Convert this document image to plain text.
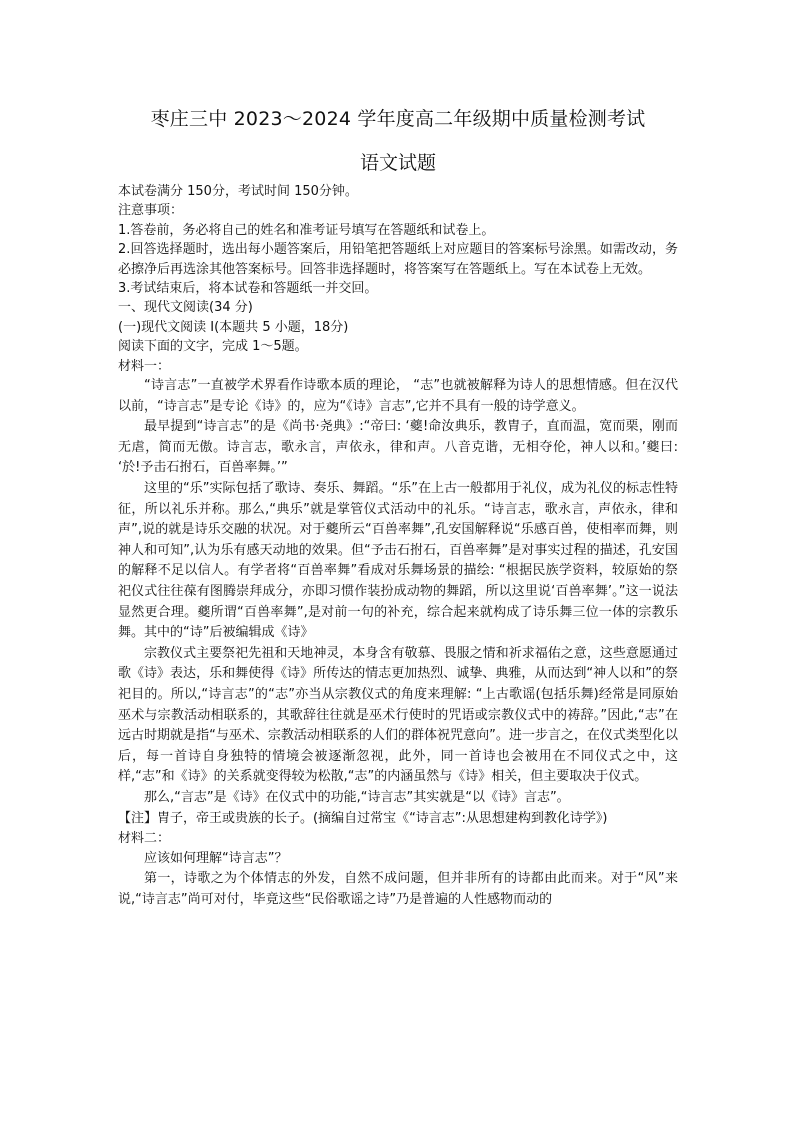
枣庄三中 2023～2024 学年度高二年级期中质量检测考试
语文试题

本试卷满分 150分，考试时间 150分钟。

注意事项：

1.答卷前，务必将自己的姓名和准考证号填写在答题纸和试卷上。

2.回答选择题时，选出每小题答案后，用铅笔把答题纸上对应题目的答案标号涂黑。如需改动，务必擦净后再选涂其他答案标号。回答非选择题时，将答案写在答题纸上。写在本试卷上无效。

3.考试结束后，将本试卷和答题纸一并交回。

一、现代文阅读(34 分)

(一)现代文阅读 I(本题共 5 小题，18分)

阅读下面的文字，完成 1～5题。

材料一：

“诗言志”一直被学术界看作诗歌本质的理论， “志”也就被解释为诗人的思想情感。但在汉代以前，“诗言志”是专论《诗》的，应为“《诗》言志”,它并不具有一般的诗学意义。

最早提到“诗言志”的是《尚书·尧典》:“帝曰: ‘夔!命汝典乐，教胄子，直而温，宽而栗，刚而无虐，简而无傲。诗言志，歌永言，声依永，律和声。八音克谐，无相夺伦，神人以和。’夔曰: ‘於!予击石拊石，百兽率舞。’”

这里的“乐”实际包括了歌诗、奏乐、舞蹈。“乐”在上古一般都用于礼仪，成为礼仪的标志性特征，所以礼乐并称。那么,“典乐”就是掌管仪式活动中的礼乐。“诗言志，歌永言，声依永，律和声”,说的就是诗乐交融的状况。对于夔所云“百兽率舞”,孔安国解释说“乐感百兽，使相率而舞，则神人和可知”,认为乐有感天动地的效果。但“予击石拊石，百兽率舞”是对事实过程的描述，孔安国的解释不足以信人。有学者将“百兽率舞”看成对乐舞场景的描绘: “根据民族学资料，较原始的祭祀仪式往往葆有图腾崇拜成分，亦即习惯作装扮成动物的舞蹈，所以这里说‘百兽率舞’。”这一说法显然更合理。夔所谓“百兽率舞”,是对前一句的补充，综合起来就构成了诗乐舞三位一体的宗教乐舞。其中的“诗”后被编辑成《诗》

宗教仪式主要祭祀先祖和天地神灵，本身含有敬慕、畏服之情和祈求福佑之意，这些意愿通过歌《诗》表达，乐和舞使得《诗》所传达的情志更加热烈、诚挚、典雅，从而达到“神人以和”的祭祀目的。所以,“诗言志”的“志”亦当从宗教仪式的角度来理解: “上古歌谣(包括乐舞)经常是同原始巫术与宗教活动相联系的，其歌辞往往就是巫术行使时的咒语或宗教仪式中的祷辞。”因此,“志”在远古时期就是指“与巫术、宗教活动相联系的人们的群体祝咒意向”。进一步言之，在仪式类型化以后，每一首诗自身独特的情境会被逐渐忽视，此外，同一首诗也会被用在不同仪式之中，这样,“志”和《诗》的关系就变得较为松散,“志”的内涵虽然与《诗》相关，但主要取决于仪式。

那么,“言志”是《诗》在仪式中的功能,“诗言志”其实就是“以《诗》言志”。

【注】胄子，帝王或贵族的长子。(摘编自过常宝《“诗言志”:从思想建构到教化诗学》)

材料二：

应该如何理解“诗言志”？

第一，诗歌之为个体情志的外发，自然不成问题，但并非所有的诗都由此而来。对于“风”来说,“诗言志”尚可对付，毕竟这些“民俗歌谣之诗”乃是普遍的人性感物而动的
